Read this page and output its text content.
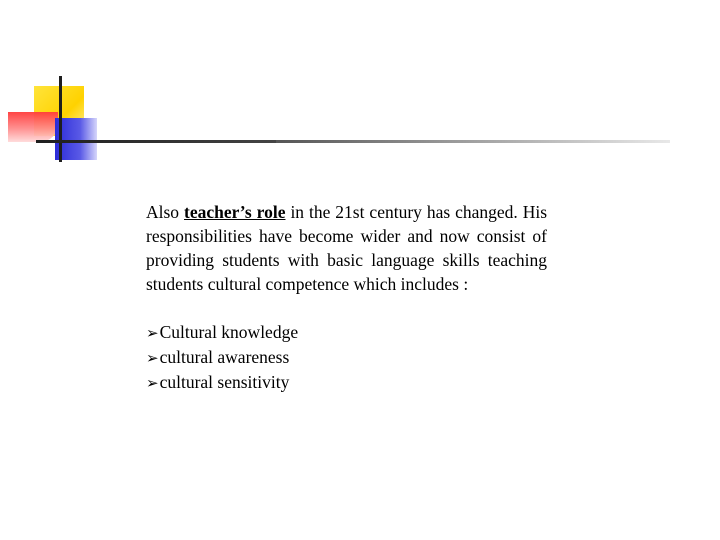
Also teacher’s role in the 21st century has changed. His responsibilities have become wider and now consist of providing students with basic language skills teaching students cultural competence which includes :

➢Cultural knowledge
➢cultural awareness
➢cultural sensitivity
